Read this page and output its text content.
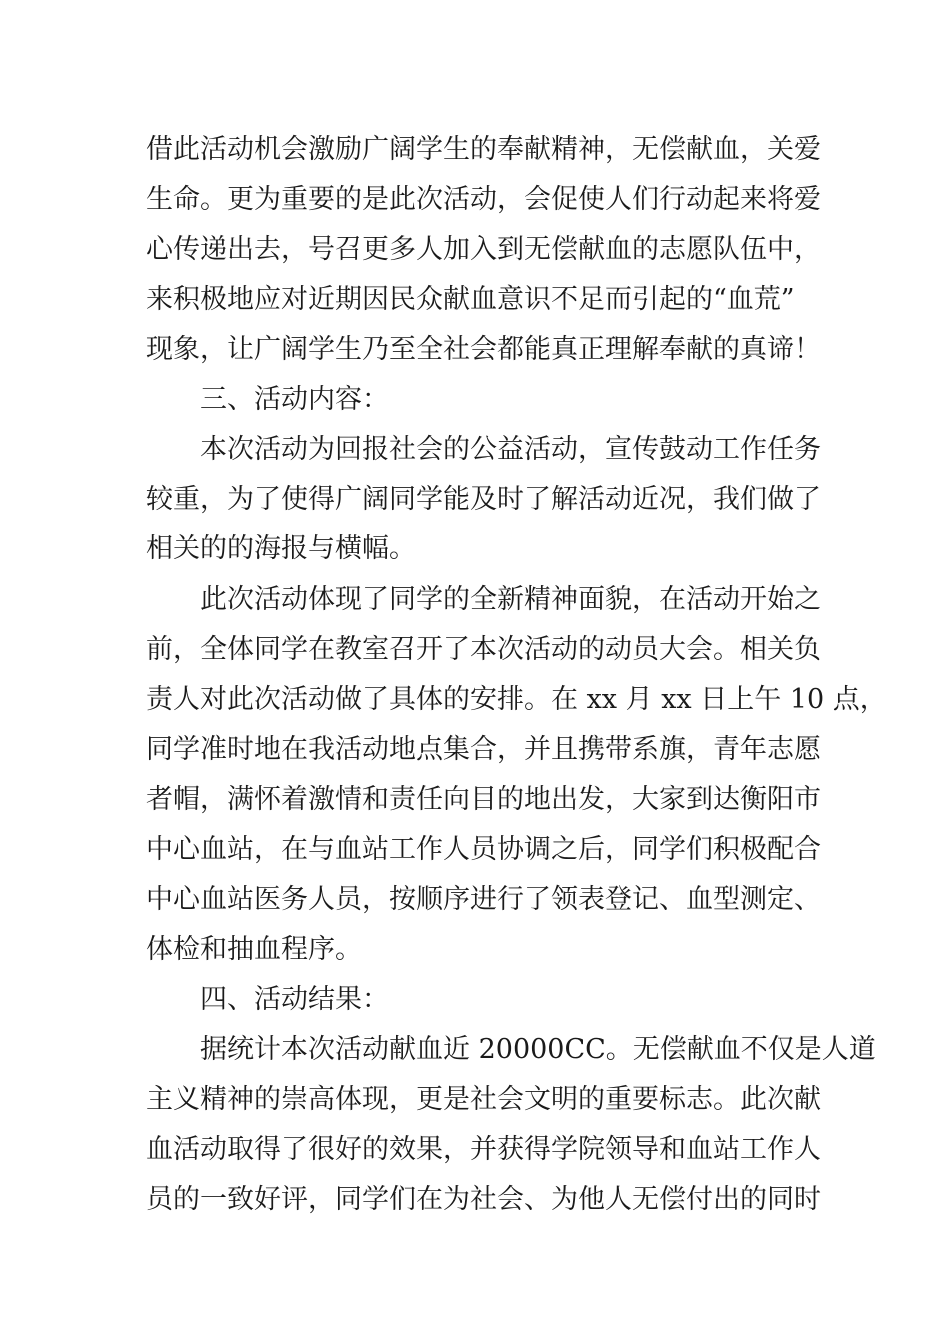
借此活动机会激励广阔学生的奉献精神，无偿献血，关爱
生命。更为重要的是此次活动，会促使人们行动起来将爱
心传递出去，号召更多人加入到无偿献血的志愿队伍中，
来积极地应对近期因民众献血意识不足而引起的“血荒”
现象，让广阔学生乃至全社会都能真正理解奉献的真谛！
三、活动内容：
本次活动为回报社会的公益活动，宣传鼓动工作任务
较重，为了使得广阔同学能及时了解活动近况，我们做了
相关的的海报与横幅。
此次活动体现了同学的全新精神面貌，在活动开始之
前，全体同学在教室召开了本次活动的动员大会。相关负
责人对此次活动做了具体的安排。在 xx 月 xx 日上午 10 点，
同学准时地在我活动地点集合，并且携带系旗，青年志愿
者帽，满怀着激情和责任向目的地出发，大家到达衡阳市
中心血站，在与血站工作人员协调之后，同学们积极配合
中心血站医务人员，按顺序进行了领表登记、血型测定、
体检和抽血程序。
四、活动结果：
据统计本次活动献血近 20000CC。无偿献血不仅是人道
主义精神的崇高体现，更是社会文明的重要标志。此次献
血活动取得了很好的效果，并获得学院领导和血站工作人
员的一致好评，同学们在为社会、为他人无偿付出的同时
